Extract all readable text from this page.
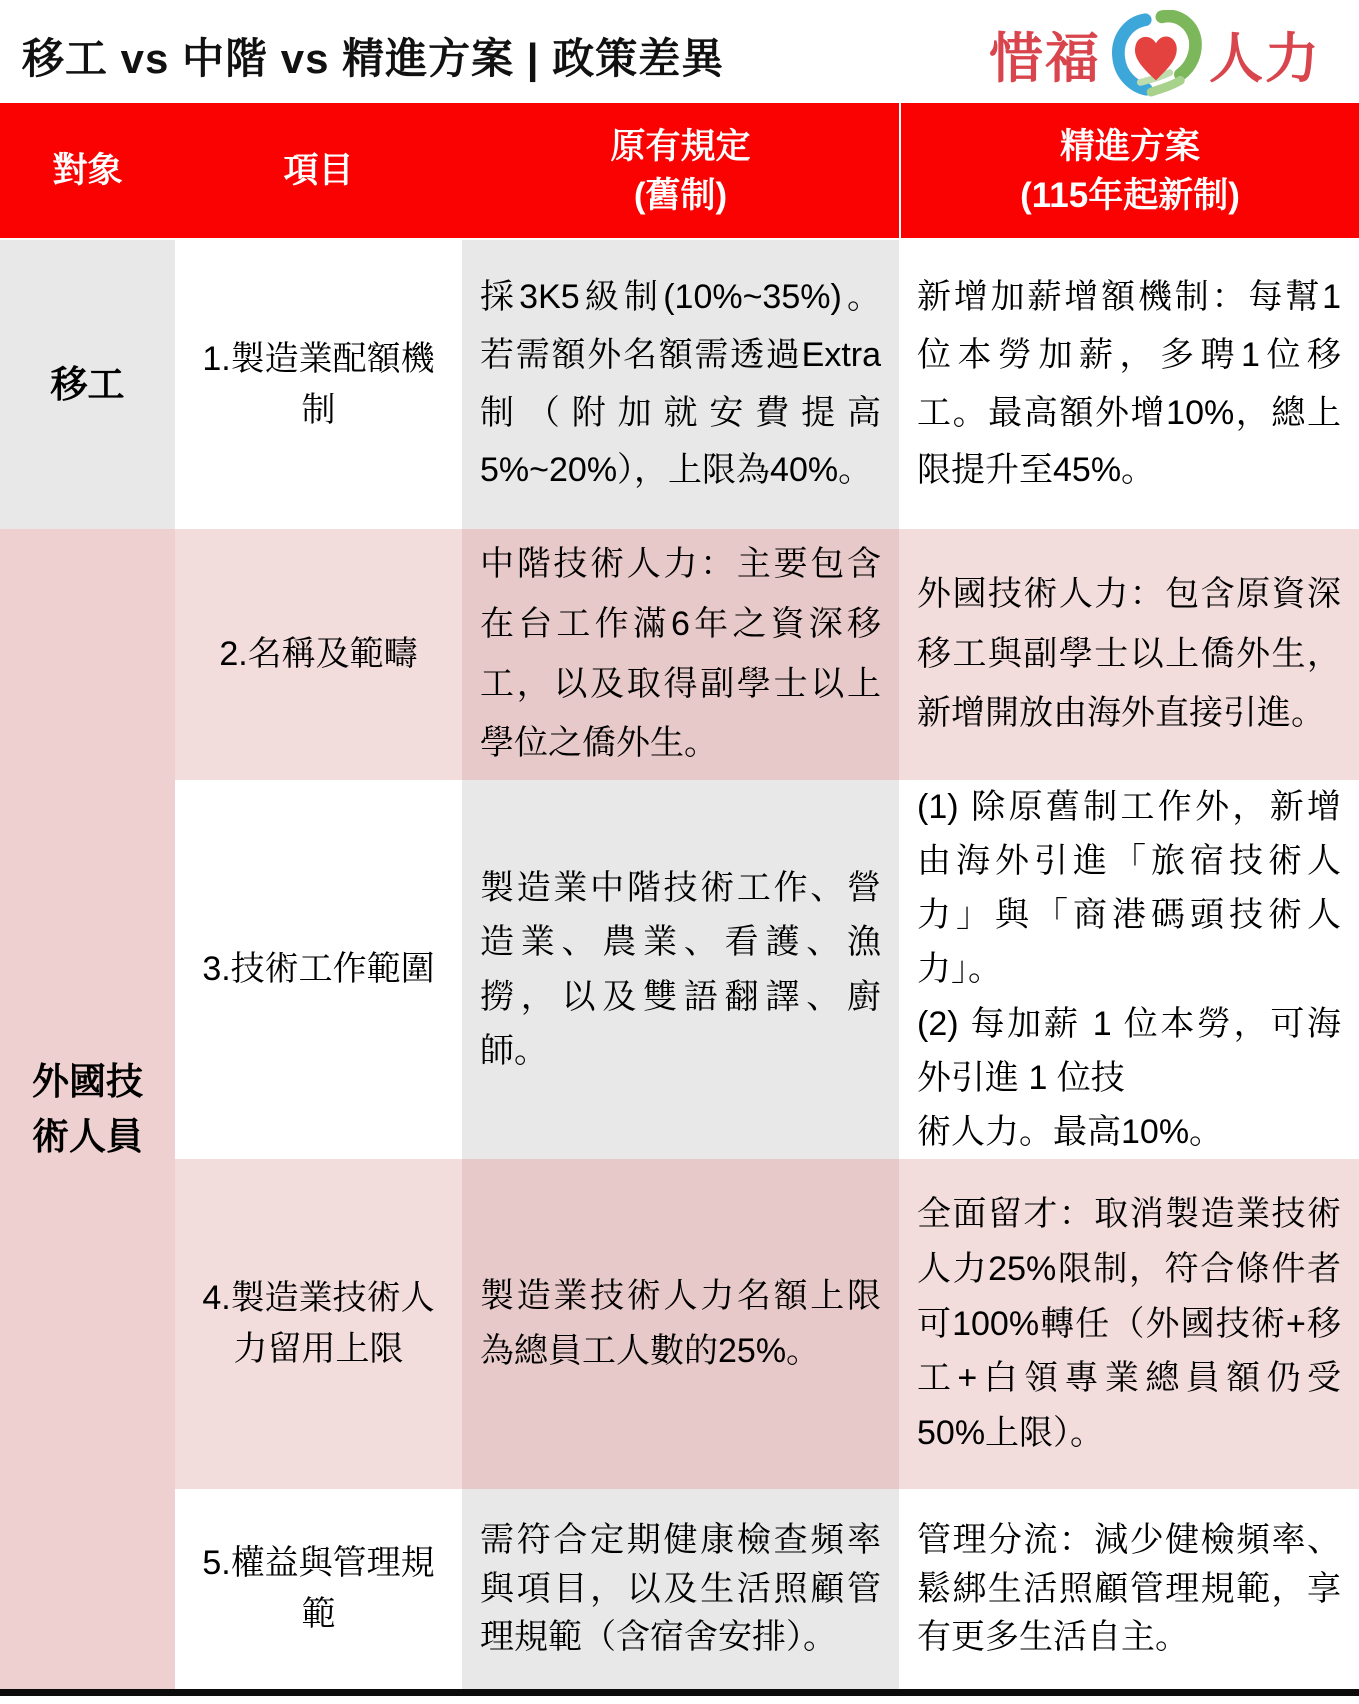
移工 vs 中階 vs 精進方案 | 政策差異	惜福 人力
對象	項目
原有規定
(舊制)
精進方案
(115年起新制)
移工
1.製造業配額機制
採3K5級制(10%~35%)。若需額外名額需透過Extra制（附加就安費提高5%~20%），上限為40%。
新增加薪增額機制：每幫1位本勞加薪，多聘1位移工。最高額外增10%，總上限提升至45%。
外國技術人員
2.名稱及範疇
中階技術人力：主要包含在台工作滿6年之資深移工，以及取得副學士以上學位之僑外生。
外國技術人力：包含原資深移工與副學士以上僑外生，新增開放由海外直接引進。
3.技術工作範圍
製造業中階技術工作、營造業、農業、看護、漁撈，以及雙語翻譯、廚師。
(1) 除原舊制工作外，新增由海外引進「旅宿技術人力」與「商港碼頭技術人力」。
(2) 每加薪 1 位本勞，可海外引進 1 位技
術人力。最高10%。
4.製造業技術人力留用上限
製造業技術人力名額上限為總員工人數的25%。
全面留才：取消製造業技術人力25%限制，符合條件者可100%轉任（外國技術+移工+白領專業總員額仍受50%上限）。
5.權益與管理規範
需符合定期健康檢查頻率與項目，以及生活照顧管理規範（含宿舍安排）。
管理分流：減少健檢頻率、鬆綁生活照顧管理規範，享有更多生活自主。
